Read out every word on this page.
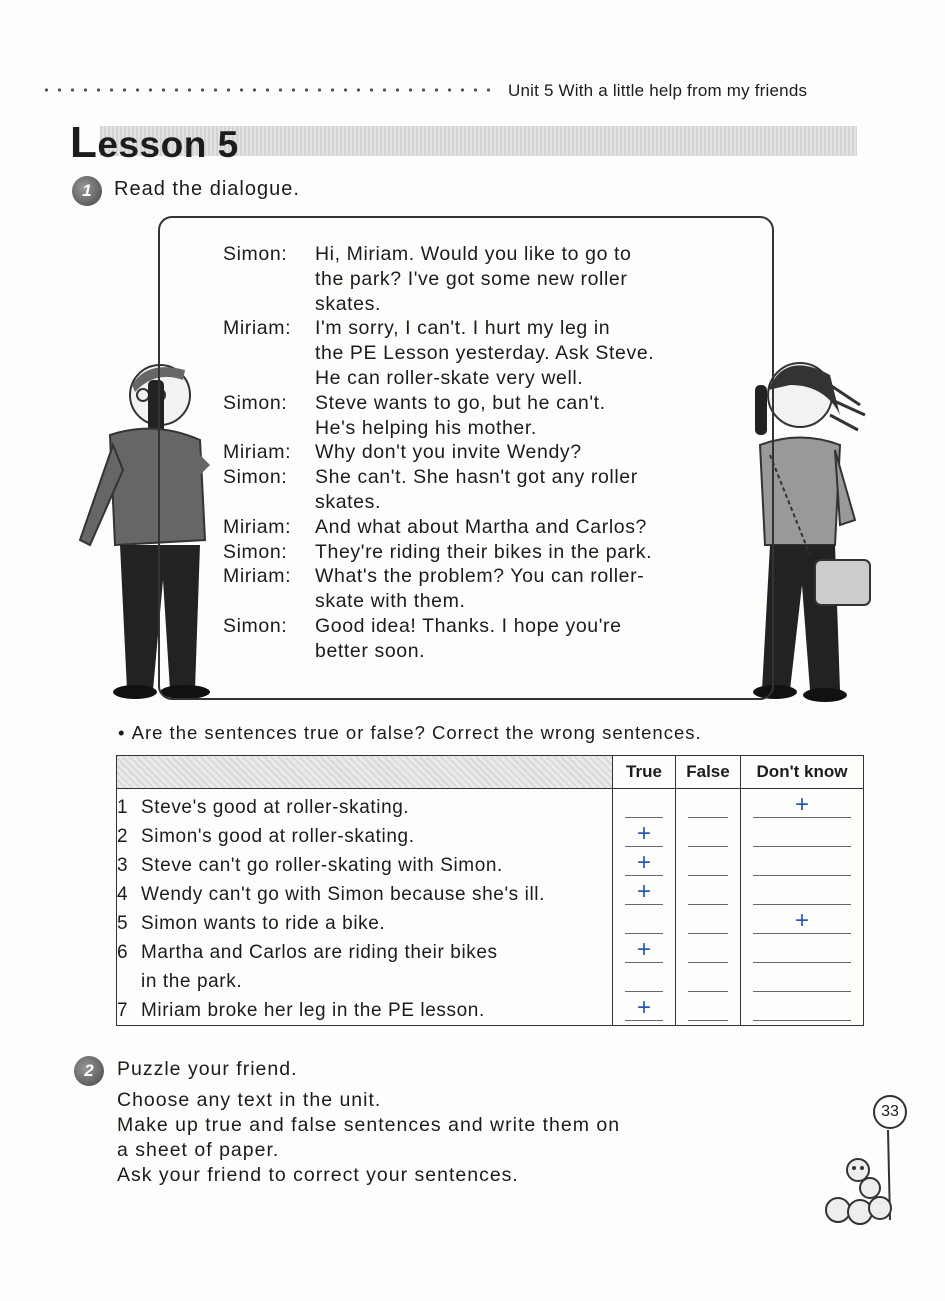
Unit 5 With a little help from my friends
Lesson 5
1	Read the dialogue.
Simon:	Hi, Miriam. Would you like to go to
the park? I've got some new roller
skates.
Miriam:	I'm sorry, I can't. I hurt my leg in
the PE Lesson yesterday. Ask Steve.
He can roller-skate very well.
Simon:	Steve wants to go, but he can't.
He's helping his mother.
Miriam:	Why don't you invite Wendy?
Simon:	She can't. She hasn't got any roller
skates.
Miriam:	And what about Martha and Carlos?
Simon:	They're riding their bikes in the park.
Miriam:	What's the problem? You can roller-
skate with them.
Simon:	Good idea! Thanks. I hope you're
better soon.
• Are the sentences true or false? Correct the wrong sentences.
	True	False	Don't know

1 Steve's good at roller-skating.			+

2 Simon's good at roller-skating.	+		

3 Steve can't go roller-skating with Simon.	+		

4 Wendy can't go with Simon because she's ill.	+		

5 Simon wants to ride a bike.			+

6 Martha and Carlos are riding their bikes
in the park.	+		

7 Miriam broke her leg in the PE lesson.	+		

2	Puzzle your friend.
Choose any text in the unit.
Make up true and false sentences and write them on
a sheet of paper.
Ask your friend to correct your sentences.
33
